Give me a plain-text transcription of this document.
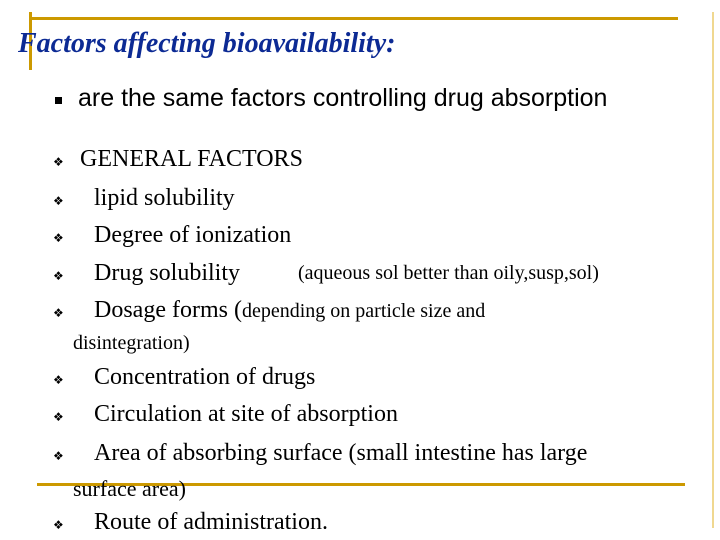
Factors affecting bioavailability:
are the same factors controlling drug absorption
❖ GENERAL FACTORS
❖ lipid solubility
❖ Degree of ionization
❖ Drug solubility	(aqueous sol better than oily,susp,sol)
❖ Dosage forms (depending on particle size and
disintegration)
❖ Concentration of drugs
❖ Circulation at site of absorption
❖ Area of absorbing surface (small intestine has large
surface area)
❖ Route of administration.
